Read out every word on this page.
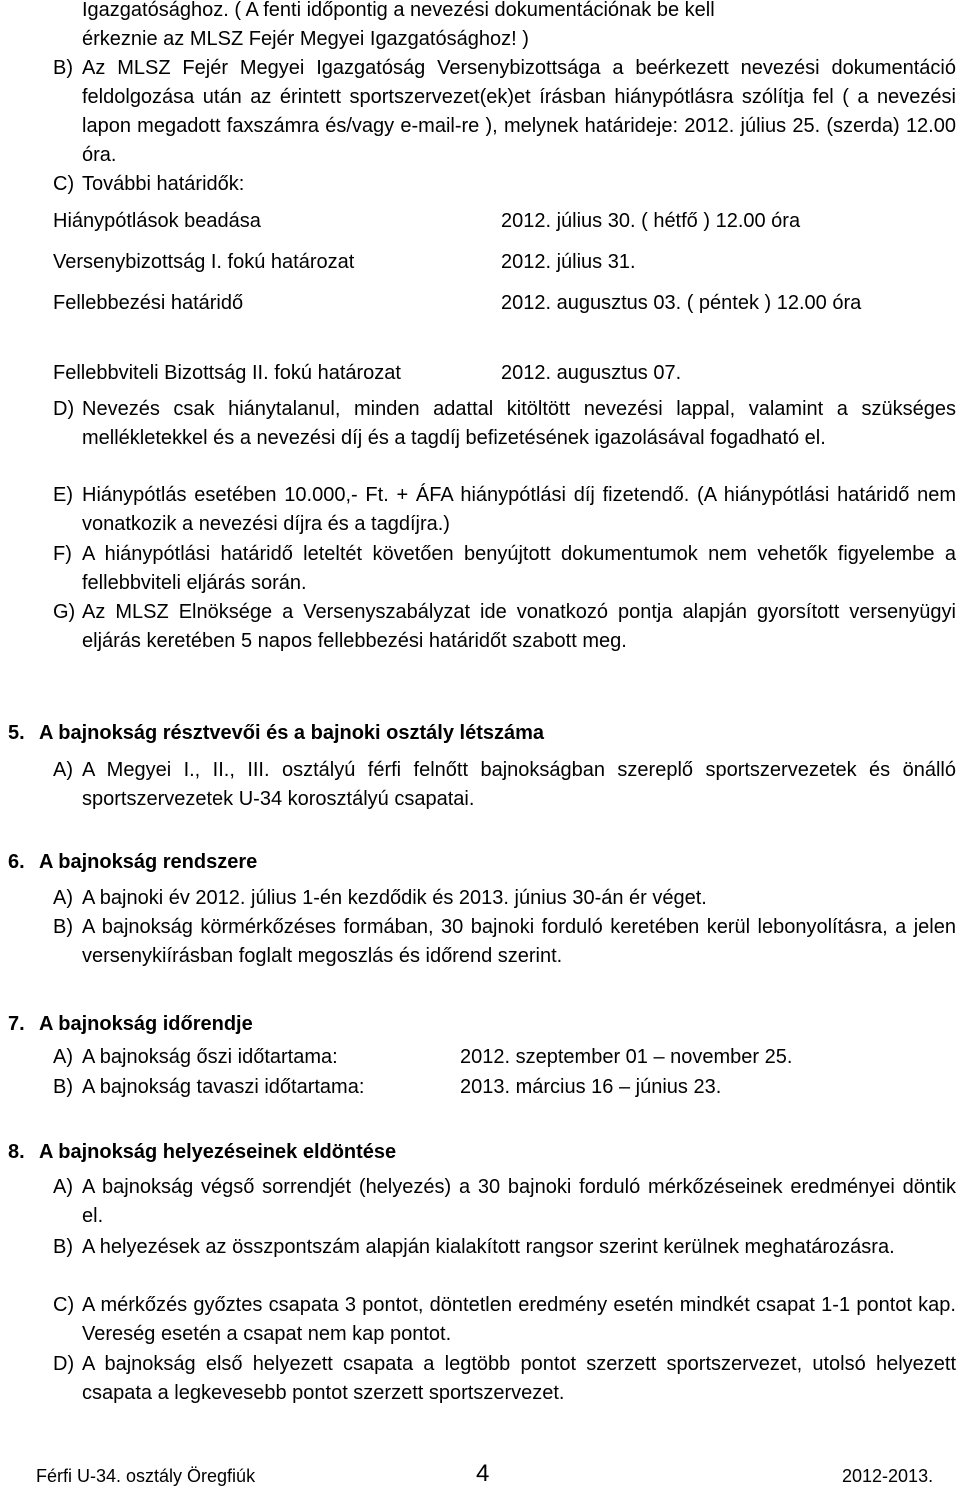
Igazgatósághoz. ( A fenti időpontig a nevezési dokumentációnak be kell
érkeznie az MLSZ Fejér Megyei Igazgatósághoz! )
B) Az MLSZ Fejér Megyei Igazgatóság Versenybizottsága a beérkezett nevezési dokumentáció feldolgozása után az érintett sportszervezet(ek)et írásban hiánypótlásra szólítja fel ( a nevezési lapon megadott faxszámra és/vagy e-mail-re ), melynek határideje: 2012. július 25. (szerda) 12.00 óra.
C) További határidők:
Hiánypótlások beadása	2012. július 30. ( hétfő ) 12.00 óra
Versenybizottság I. fokú határozat	2012. július 31.
Fellebbezési határidő	2012. augusztus 03. ( péntek ) 12.00 óra
Fellebbviteli Bizottság II. fokú határozat	2012. augusztus 07.
D) Nevezés csak hiánytalanul, minden adattal kitöltött nevezési lappal, valamint a szükséges mellékletekkel és a nevezési díj és a tagdíj befizetésének igazolásával fogadható el.
E) Hiánypótlás esetében 10.000,- Ft. + ÁFA hiánypótlási díj fizetendő. (A hiánypótlási határidő nem vonatkozik a nevezési díjra és a tagdíjra.)
F) A hiánypótlási határidő leteltét követően benyújtott dokumentumok nem vehetők figyelembe a fellebbviteli eljárás során.
G) Az MLSZ Elnöksége a Versenyszabályzat ide vonatkozó pontja alapján gyorsított versenyügyi eljárás keretében 5 napos fellebbezési határidőt szabott meg.
5. A bajnokság résztvevői és a bajnoki osztály létszáma
A) A Megyei I., II., III. osztályú férfi felnőtt bajnokságban szereplő sportszervezetek és önálló sportszervezetek U-34 korosztályú csapatai.
6. A bajnokság rendszere
A) A bajnoki év 2012. július 1-én kezdődik és 2013. június 30-án ér véget.
B) A bajnokság körmérkőzéses formában, 30 bajnoki forduló keretében kerül lebonyolításra, a jelen versenykiírásban foglalt megoszlás és időrend szerint.
7. A bajnokság időrendje
A) A bajnokság őszi időtartama:	2012. szeptember 01 – november 25.
B) A bajnokság tavaszi időtartama:	2013. március 16 – június 23.
8. A bajnokság helyezéseinek eldöntése
A) A bajnokság végső sorrendjét (helyezés) a 30 bajnoki forduló mérkőzéseinek eredményei döntik el.
B) A helyezések az összpontszám alapján kialakított rangsor szerint kerülnek meghatározásra.
C) A mérkőzés győztes csapata 3 pontot, döntetlen eredmény esetén mindkét csapat 1-1 pontot kap. Vereség esetén a csapat nem kap pontot.
D) A bajnokság első helyezett csapata a legtöbb pontot szerzett sportszervezet, utolsó helyezett csapata a legkevesebb pontot szerzett sportszervezet.
Férfi U-34. osztály Öregfiúk	4	2012-2013.
